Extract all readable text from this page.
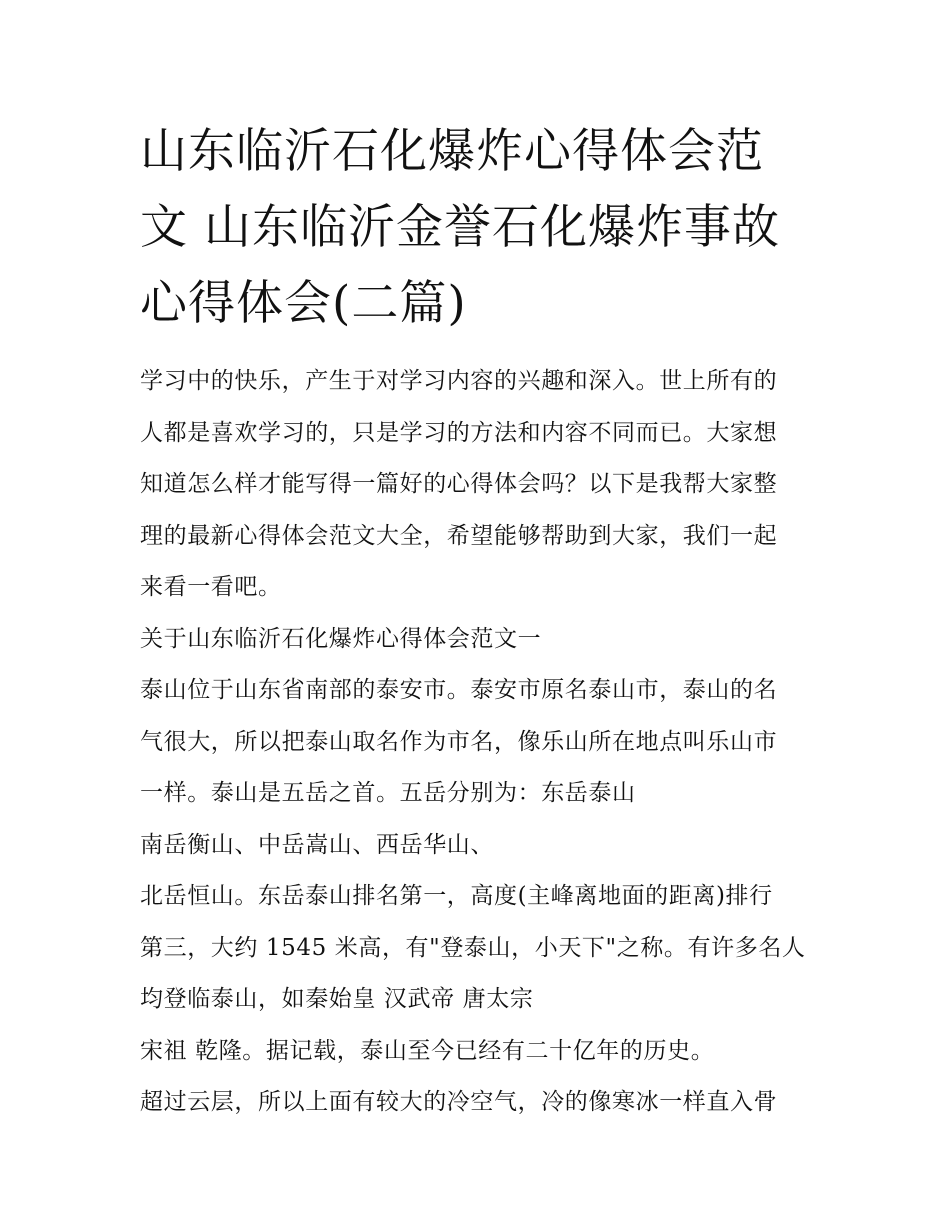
山东临沂石化爆炸心得体会范
文 山东临沂金誉石化爆炸事故
心得体会(二篇)
学习中的快乐，产生于对学习内容的兴趣和深入。世上所有的
人都是喜欢学习的，只是学习的方法和内容不同而已。大家想
知道怎么样才能写得一篇好的心得体会吗？以下是我帮大家整
理的最新心得体会范文大全，希望能够帮助到大家，我们一起
来看一看吧。
关于山东临沂石化爆炸心得体会范文一
泰山位于山东省南部的泰安市。泰安市原名泰山市，泰山的名
气很大，所以把泰山取名作为市名，像乐山所在地点叫乐山市
一样。泰山是五岳之首。五岳分别为：东岳泰山
南岳衡山、中岳嵩山、西岳华山、
北岳恒山。东岳泰山排名第一，高度(主峰离地面的距离)排行
第三，大约 1545 米高，有"登泰山，小天下"之称。有许多名人
均登临泰山，如秦始皇 汉武帝 唐太宗
宋祖 乾隆。据记载，泰山至今已经有二十亿年的历史。
超过云层，所以上面有较大的冷空气，冷的像寒冰一样直入骨
